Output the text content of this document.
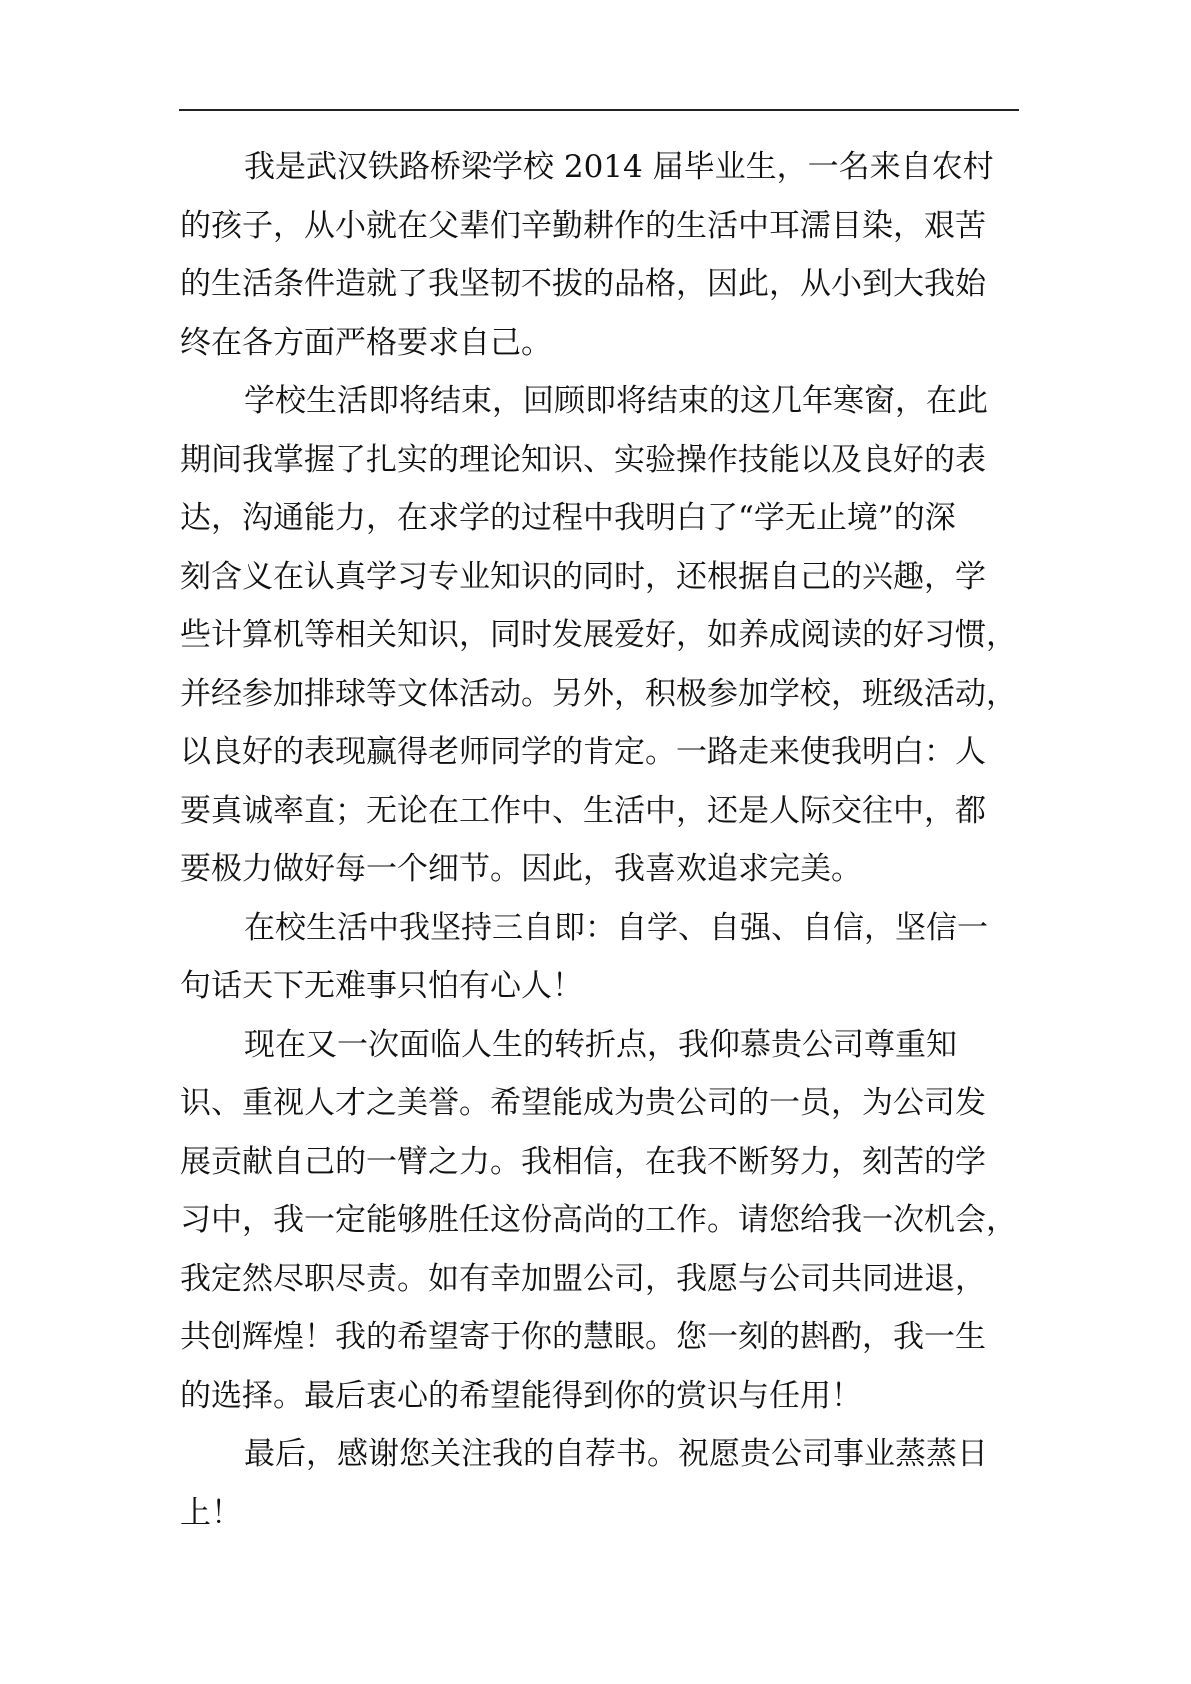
我是武汉铁路桥梁学校 2014 届毕业生，一名来自农村
的孩子，从小就在父辈们辛勤耕作的生活中耳濡目染，艰苦
的生活条件造就了我坚韧不拔的品格，因此，从小到大我始
终在各方面严格要求自己。
学校生活即将结束，回顾即将结束的这几年寒窗，在此
期间我掌握了扎实的理论知识、实验操作技能以及良好的表
达，沟通能力，在求学的过程中我明白了“学无止境”的深
刻含义在认真学习专业知识的同时，还根据自己的兴趣，学
些计算机等相关知识，同时发展爱好，如养成阅读的好习惯，
并经参加排球等文体活动。另外，积极参加学校，班级活动，
以良好的表现赢得老师同学的肯定。一路走来使我明白：人
要真诚率直；无论在工作中、生活中，还是人际交往中，都
要极力做好每一个细节。因此，我喜欢追求完美。
在校生活中我坚持三自即：自学、自强、自信，坚信一
句话天下无难事只怕有心人！
现在又一次面临人生的转折点，我仰慕贵公司尊重知
识、重视人才之美誉。希望能成为贵公司的一员，为公司发
展贡献自己的一臂之力。我相信，在我不断努力，刻苦的学
习中，我一定能够胜任这份高尚的工作。请您给我一次机会，
我定然尽职尽责。如有幸加盟公司，我愿与公司共同进退，
共创辉煌！我的希望寄于你的慧眼。您一刻的斟酌，我一生
的选择。最后衷心的希望能得到你的赏识与任用！
最后，感谢您关注我的自荐书。祝愿贵公司事业蒸蒸日
上！
